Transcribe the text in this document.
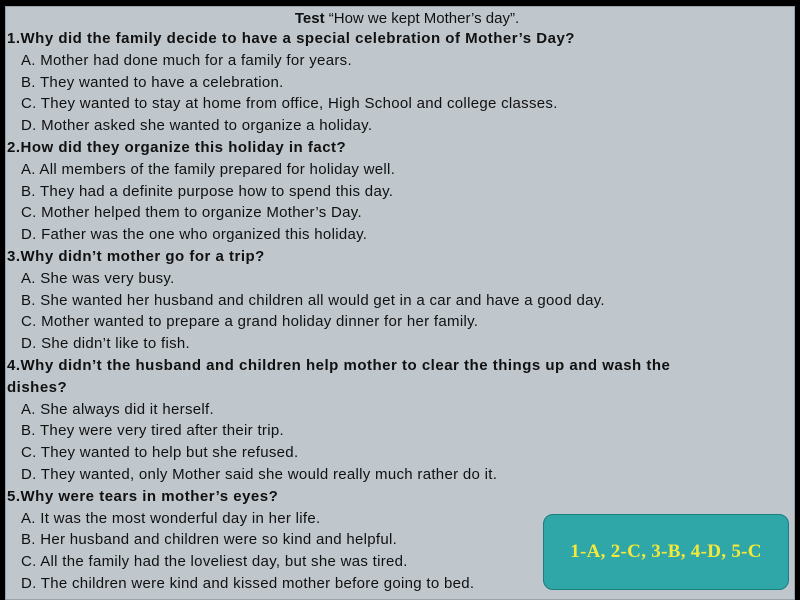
Test “How we kept Mother’s day”.
1.Why did the family decide to have a special celebration of Mother’s Day?
A. Mother had done much for a family for years.
B. They wanted to have a celebration.
C. They wanted to stay at home from office, High School and college classes.
D. Mother asked she wanted to organize a holiday.
2.How did they organize this holiday in fact?
A. All members of the family prepared for holiday well.
B. They had a definite purpose how to spend this day.
C. Mother helped them to organize Mother’s Day.
D. Father was the one who organized this holiday.
3.Why didn’t mother go for a trip?
A. She was very busy.
B. She wanted her husband and children all would get in a car and have a good day.
C. Mother wanted to prepare a grand holiday dinner for her family.
D. She didn’t like to fish.
4.Why didn’t the husband and children help mother to clear the things up and wash the
dishes?
A. She always did it herself.
B. They were very tired after their trip.
C. They wanted to help but she refused.
D. They wanted, only Mother said she would really much rather do it.
5.Why were tears in mother’s eyes?
A. It was the most wonderful day in her life.
B. Her husband and children were so kind and helpful.
C. All the family had the loveliest day, but she was tired.
D. The children were kind and kissed mother before going to bed.
1-A, 2-C, 3-B, 4-D, 5-C
